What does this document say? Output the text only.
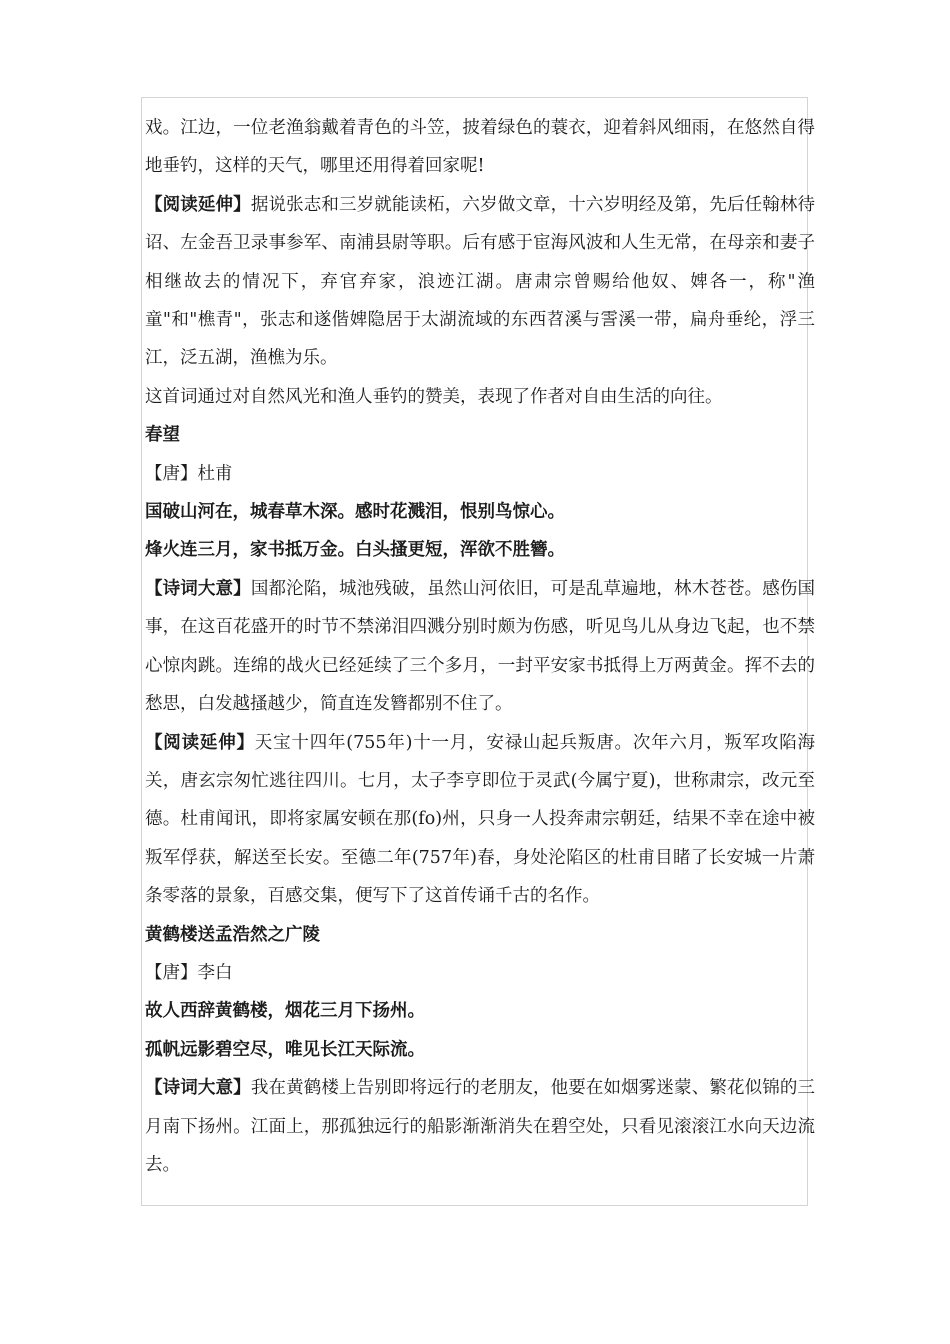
戏。江边，一位老渔翁戴着青色的斗笠，披着绿色的蓑衣，迎着斜风细雨，在悠然自得地垂钓，这样的天气，哪里还用得着回家呢!

【阅读延伸】据说张志和三岁就能读柘，六岁做文章，十六岁明经及第，先后任翰林待诏、左金吾卫录事参军、南浦县尉等职。后有感于宦海风波和人生无常，在母亲和妻子相继故去的情况下，弃官弃家，浪迹江湖。唐肃宗曾赐给他奴、婢各一，称"渔童"和"樵青"，张志和遂偕婢隐居于太湖流域的东西苕溪与霅溪一带，扁舟垂纶，浮三江，泛五湖，渔樵为乐。

这首词通过对自然风光和渔人垂钓的赞美，表现了作者对自由生活的向往。

春望

【唐】杜甫

国破山河在，城春草木深。感时花溅泪，恨别鸟惊心。

烽火连三月，家书抵万金。白头搔更短，浑欲不胜簪。

【诗词大意】国都沦陷，城池残破，虽然山河依旧，可是乱草遍地，林木苍苍。感伤国事，在这百花盛开的时节不禁涕泪四溅分别时颇为伤感，听见鸟儿从身边飞起，也不禁心惊肉跳。连绵的战火已经延续了三个多月，一封平安家书抵得上万两黄金。挥不去的愁思，白发越搔越少，简直连发簪都别不住了。

【阅读延伸】天宝十四年(755年)十一月，安禄山起兵叛唐。次年六月，叛军攻陷海关，唐玄宗匆忙逃往四川。七月，太子李亨即位于灵武(今属宁夏)，世称肃宗，改元至德。杜甫闻讯，即将家属安顿在那(fo)州，只身一人投奔肃宗朝廷，结果不幸在途中被叛军俘获，解送至长安。至德二年(757年)春，身处沦陷区的杜甫目睹了长安城一片萧条零落的景象，百感交集，便写下了这首传诵千古的名作。

黄鹤楼送孟浩然之广陵

【唐】李白

故人西辞黄鹤楼，烟花三月下扬州。

孤帆远影碧空尽，唯见长江天际流。

【诗词大意】我在黄鹤楼上告别即将远行的老朋友，他要在如烟雾迷蒙、繁花似锦的三月南下扬州。江面上，那孤独远行的船影渐渐消失在碧空处，只看见滚滚江水向天边流去。
